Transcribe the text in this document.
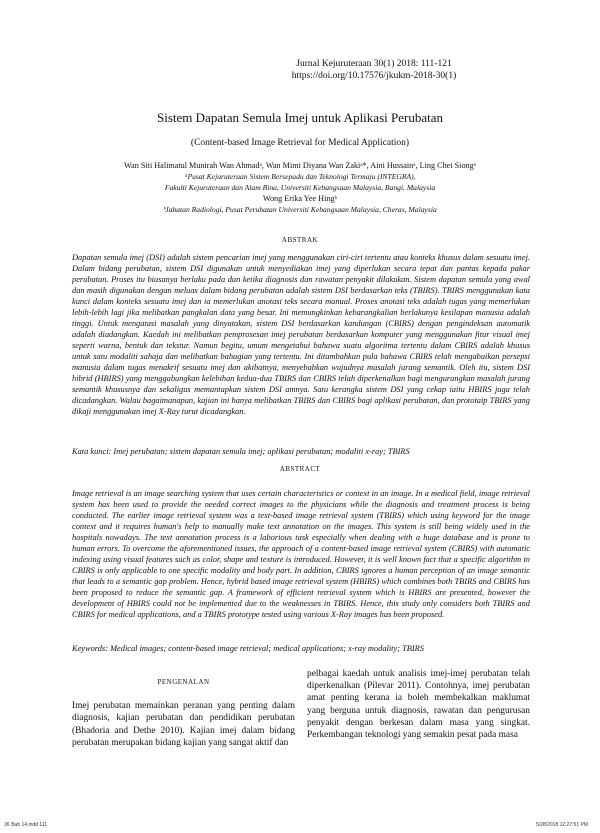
Jurnal Kejuruteraan 30(1) 2018: 111-121
https://doi.org/10.17576/jkukm-2018-30(1)
Sistem Dapatan Semula Imej untuk Aplikasi Perubatan
(Content-based Image Retrieval for Medical Application)
Wan Siti Halimatul Munirah Wan Ahmadᵃ, Wan Mimi Diyana Wan Zakiᵃ*, Aini Hussainᵃ, Ling Chei Siongᵃ
ᵃPusat Kejuruteraan Sistem Bersepadu dan Teknologi Termaju (INTEGRA),
Fakulti Kejuruteraan dan Alam Bina, Universiti Kebangsaan Malaysia, Bangi, Malaysia
Wong Erika Yee Hingᵇ
ᵇJabatan Radiologi, Pusat Perubatan Universiti Kebangsaan Malaysia, Cheras, Malaysia
ABSTRAK
Dapatan semula imej (DSI) adalah sistem pencarian imej yang menggunakan ciri-ciri tertentu atau konteks khusus dalam sesuatu imej. Dalam bidang perubatan, sistem DSI digunakan untuk menyediakan imej yang diperlukan secara tepat dan pantas kepada pakar perubatan. Proses itu biasanya berlaku pada dan ketika diagnosis dan rawatan penyakit dilakukan. Sistem dapatan semula yang awal dan masih digunakan dengan meluas dalam bidang perubatan adalah sistem DSI berdasarkan teks (TBIRS). TBIRS menggunakan kata kunci dalam konteks sesuatu imej dan ia memerlukan anotasi teks secara manual. Proses anotasi teks adalah tugas yang memerlukan lebih-lebih lagi jika melibatkan pangkalan data yang besar. Ini memungkinkan kebarangkalian berlakunya kesilapan manusia adalah tinggi. Untuk mengatasi masalah yang dinyatakan, sistem DSI berdasarkan kandungan (CBIRS) dengan pengindeksan automatik adalah diadangkan. Kaedah ini melibatkan pemprosesan imej perubatan berdasarkan komputer yang menggunakan fitur visual imej seperti warna, bentuk dan tekstur. Namun begitu, umum mengetahui bahawa suatu algoritma tertentu dalam CBIRS adalah khusus untuk satu modaliti sahaja dan melibatkan bahagian yang tertentu. Ini ditambahkan pula bahawa CBIRS telah mengabaikan persepsi manusia dalam tugas menakrif sesuatu imej dan akibatnya, menyebabkan wujudnya masalah jurang semantik. Oleh itu, sistem DSI hibrid (HBIRS) yang menggabungkan kelebihan kedua-dua TBIRS dan CBIRS telah diperkenalkan bagi mengurangkan masalah jurang semantik khususnya dan sekaligus memantapkan sistem DSI amnya. Satu kerangka sistem DSI yang cekap iaitu HBIRS juga telah dicadangkan. Walau bagaimanapun, kajian ini hanya melibatkan TBIRS dan CBIRS bagi aplikasi perubatan, dan prototaip TBIRS yang dikaji menggunakan imej X-Ray turut dicadangkan.
Kata kunci: Imej perubatan; sistem dapatan semula imej; aplikasi perubatan; modaliti x-ray; TBIRS
ABSTRACT
Image retrieval is an image searching system that uses certain characteristics or context in an image. In a medical field, image retrieval system has been used to provide the needed correct images to the physicians while the diagnosis and treatment process is being conducted. The earlier image retrieval system was a text-based image retrieval system (TBIRS) which using keyword for the image context and it requires human's help to manually make text annotation on the images. This system is still being widely used in the hospitals nowadays. The text annotation process is a laborious task especially when dealing with a huge database and is prone to human errors. To overcome the aforementioned issues, the approach of a content-based image retrieval system (CBIRS) with automatic indexing using visual features such as color, shape and texture is introduced. However, it is well known fact that a specific algorithm in CBIRS is only applicable to one specific modality and body part. In addition, CBIRS ignores a human perception of an image semantic that leads to a semantic gap problem. Hence, hybrid based image retrieval system (HBIRS) which combines both TBIRS and CBIRS has been proposed to reduce the semantic gap. A framework of efficient retrieval system which is HBIRS are presented, however the development of HBIRS could not be implemented due to the weaknesses in TBIRS. Hence, this study only considers both TBIRS and CBIRS for medical applications, and a TBIRS prototype tested using various X-Ray images has been proposed.
Keywords: Medical images; content-based image retrieval; medical applications; x-ray modality; TBIRS
PENGENALAN
Imej perubatan memainkan peranan yang penting dalam diagnosis, kajian perubatan dan pendidikan perubatan (Bhadoria and Dethe 2010). Kajian imej dalam bidang perubatan merupakan bidang kajian yang sangat aktif dan
pelbagai kaedah untuk analisis imej-imej perubatan telah diperkenalkan (Pilevar 2011). Contohnya, imej perubatan amat penting kerana ia boleh membekalkan maklumat yang berguna untuk diagnosis, rawatan dan pengurusan penyakit dengan berkesan dalam masa yang singkat. Perkembangan teknologi yang semakin pesat pada masa
JK Bab 14.indd 111	5/28/2018 12:27:51 PM
